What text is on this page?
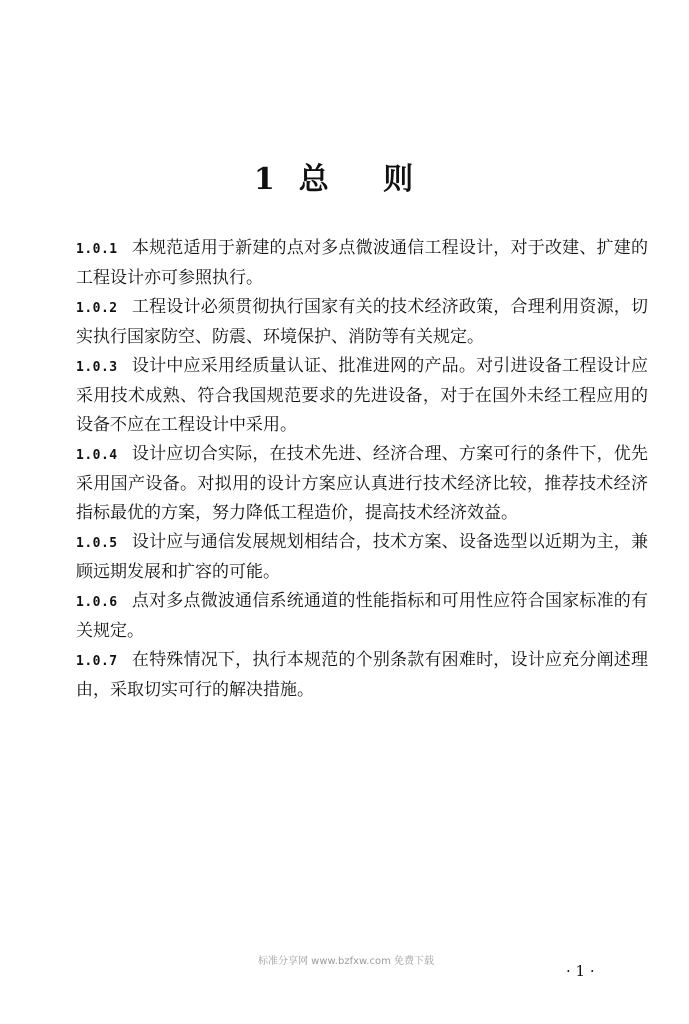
1 总 则

1.0.1 本规范适用于新建的点对多点微波通信工程设计，对于改建、扩建的工程设计亦可参照执行。

1.0.2 工程设计必须贯彻执行国家有关的技术经济政策，合理利用资源，切实执行国家防空、防震、环境保护、消防等有关规定。

1.0.3 设计中应采用经质量认证、批准进网的产品。对引进设备工程设计应采用技术成熟、符合我国规范要求的先进设备，对于在国外未经工程应用的设备不应在工程设计中采用。

1.0.4 设计应切合实际，在技术先进、经济合理、方案可行的条件下，优先采用国产设备。对拟用的设计方案应认真进行技术经济比较，推荐技术经济指标最优的方案，努力降低工程造价，提高技术经济效益。

1.0.5 设计应与通信发展规划相结合，技术方案、设备选型以近期为主，兼顾远期发展和扩容的可能。

1.0.6 点对多点微波通信系统通道的性能指标和可用性应符合国家标准的有关规定。

1.0.7 在特殊情况下，执行本规范的个别条款有困难时，设计应充分阐述理由，采取切实可行的解决措施。

标准分享网 www.bzfxw.com 免费下载
· 1 ·
